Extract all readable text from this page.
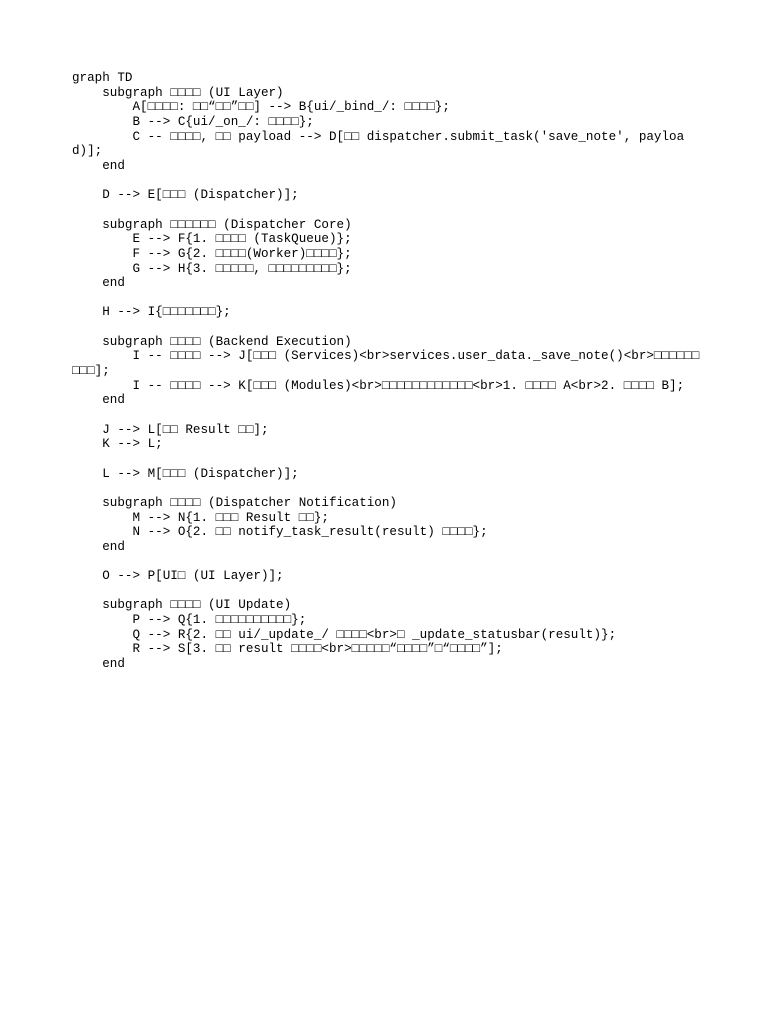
graph TD
subgraph □□□□ (UI Layer)
A[□□□□: □□“□□”□□] --> B{ui/_bind_/: □□□□};
B --> C{ui/_on_/: □□□□};
C -- □□□□, □□ payload --> D[□□ dispatcher.submit_task('save_note', payload)];
end
D --> E[□□□ (Dispatcher)];
subgraph □□□□□□ (Dispatcher Core)
E --> F{1. □□□□ (TaskQueue)};
F --> G{2. □□□□(Worker)□□□□};
G --> H{3. □□□□□, □□□□□□□□□};
end
H --> I{□□□□□□□};
subgraph □□□□ (Backend Execution)
I -- □□□□ --> J[□□□ (Services)<br>services.user_data._save_note()<br>□□□□□□ □□□];
I -- □□□□ --> K[□□□ (Modules)<br>□□□□□□□□□□□□<br>1. □□□□ A<br>2. □□□□ B];
end
J --> L[□□ Result □□];
K --> L;
L --> M[□□□ (Dispatcher)];
subgraph □□□□ (Dispatcher Notification)
M --> N{1. □□□ Result □□};
N --> O{2. □□ notify_task_result(result) □□□□};
end
O --> P[UI□ (UI Layer)];
subgraph □□□□ (UI Update)
P --> Q{1. □□□□□□□□□□};
Q --> R{2. □□ ui/_update_/ □□□□<br>□ _update_statusbar(result)};
R --> S[3. □□ result □□□□<br>□□□□□“□□□□”□“□□□□”];
end
